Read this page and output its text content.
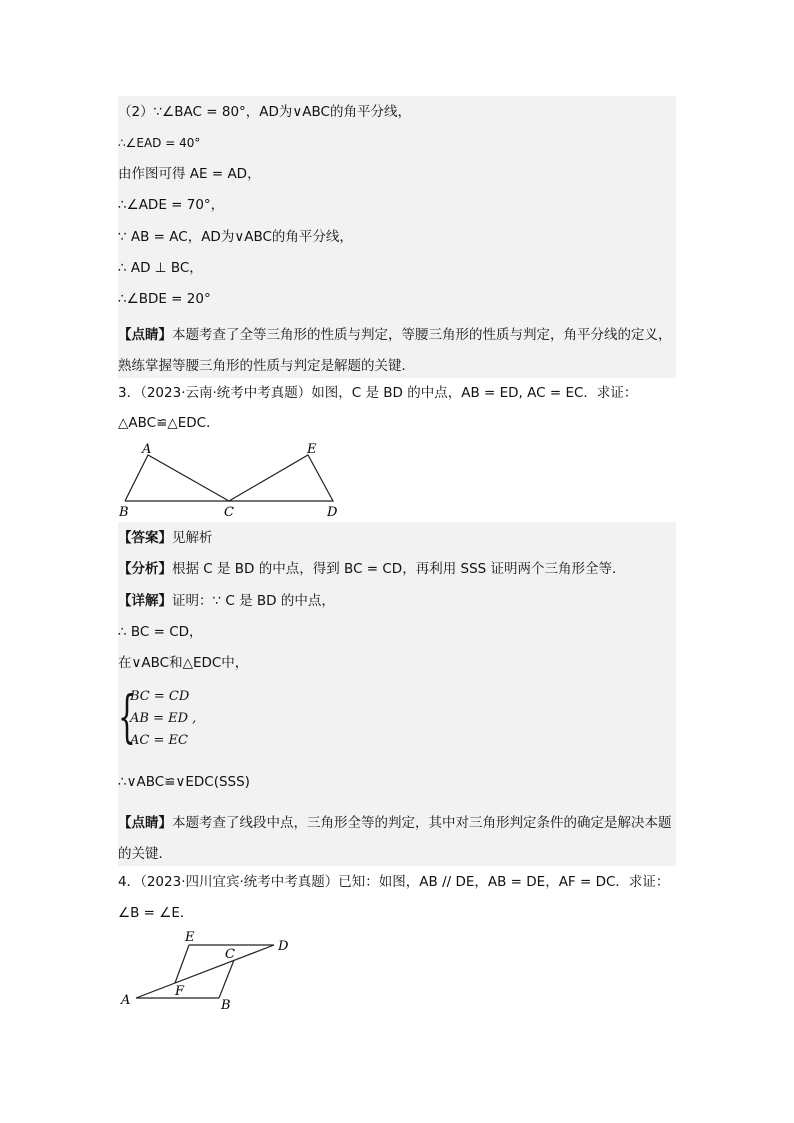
（2）∵∠BAC = 80°，AD为∨ABC的角平分线，
∴∠EAD = 40°
由作图可得 AE = AD，
∴∠ADE = 70°，
∵ AB = AC，AD为∨ABC的角平分线，
∴ AD ⊥ BC，
∴∠BDE = 20°
【点睛】本题考查了全等三角形的性质与判定，等腰三角形的性质与判定，角平分线的定义，熟练掌握等腰三角形的性质与判定是解题的关键．
3．（2023·云南·统考中考真题）如图，C 是 BD 的中点，AB = ED, AC = EC．求证：
△ABC≌△EDC．
A	E
B	C	D
【答案】见解析
【分析】根据 C 是 BD 的中点，得到 BC = CD，再利用 SSS 证明两个三角形全等．
【详解】证明：∵ C 是 BD 的中点，
∴ BC = CD，
在∨ABC和△EDC中，
{
BC = CD
AB = ED ,
AC = EC
∴∨ABC≌∨EDC(SSS)
【点睛】本题考查了线段中点，三角形全等的判定，其中对三角形判定条件的确定是解决本题的关键．
4．（2023·四川宜宾·统考中考真题）已知：如图，AB // DE，AB = DE，AF = DC．求证：
∠B = ∠E．
E
D
C
F
A	B
